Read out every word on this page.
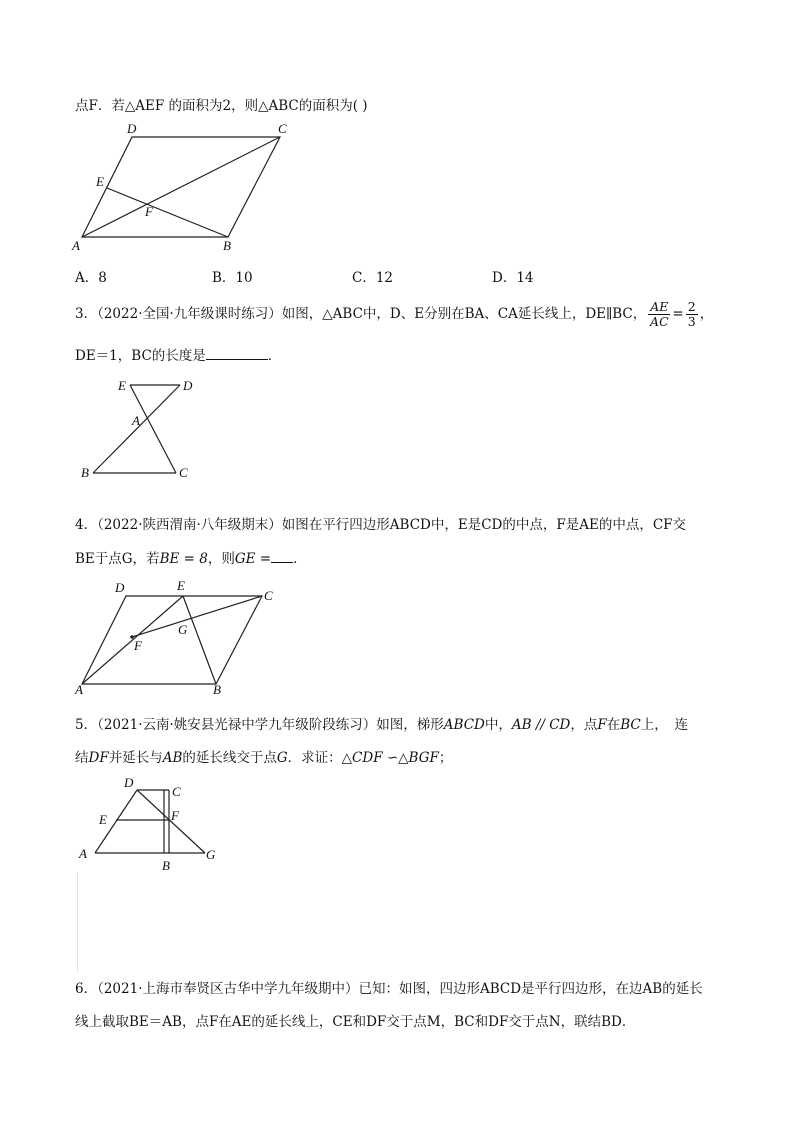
点F．若△AEF 的面积为2，则△ABC的面积为( )
D	C
E
F
A	B
A．8	B．10	C．12	D．14
3．（2022·全国·九年级课时练习）如图，△ABC中，D、E分别在BA、CA延长线上，DE∥BC， $\frac{AE}{AC} = \frac{2}{3}$ ，
DE＝1，BC的长度是	．
E	D
A
B	C
4．（2022·陕西渭南·八年级期末）如图在平行四边形ABCD中，E是CD的中点，F是AE的中点，CF交
BE于点G，若BE = 8，则GE = ．
D	E
C
G
F
A	B
5．（2021·云南·姚安县光禄中学九年级阶段练习）如图，梯形ABCD中，AB // CD，点F在BC上，　连
结DF并延长与AB的延长线交于点G．求证：△CDF ∽△BGF；
D
C
E	F
A
B
G
6．（2021·上海市奉贤区古华中学九年级期中）已知：如图，四边形ABCD是平行四边形，在边AB的延长
线上截取BE＝AB，点F在AE的延长线上，CE和DF交于点M，BC和DF交于点N，联结BD．
